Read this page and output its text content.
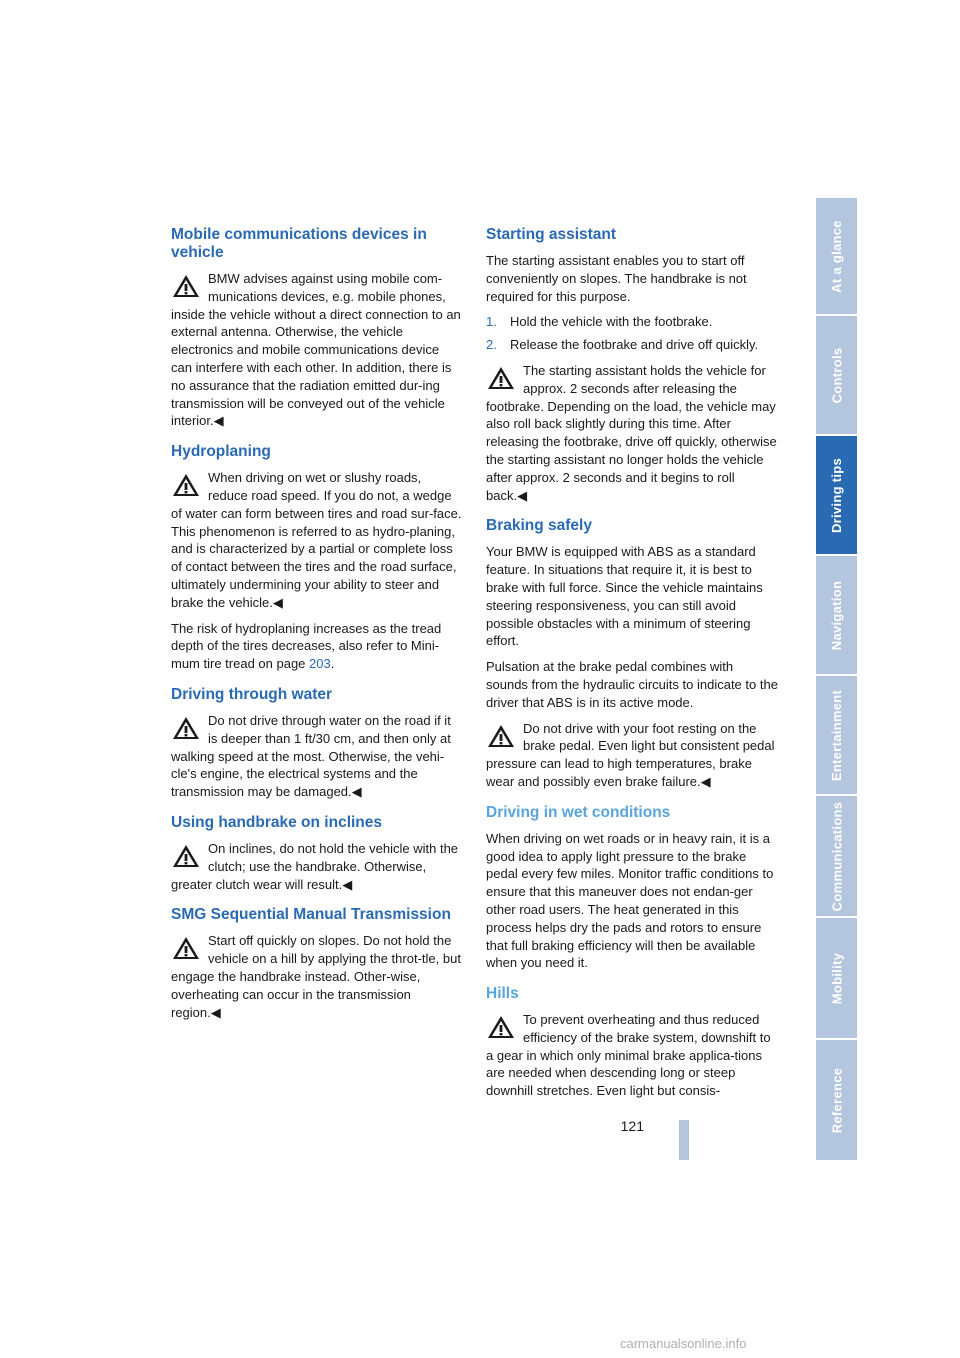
Mobile communications devices in vehicle
BMW advises against using mobile com-munications devices, e.g. mobile phones, inside the vehicle without a direct connection to an external antenna. Otherwise, the vehicle electronics and mobile communications device can interfere with each other. In addition, there is no assurance that the radiation emitted dur-ing transmission will be conveyed out of the vehicle interior.◀
Hydroplaning
When driving on wet or slushy roads, reduce road speed. If you do not, a wedge of water can form between tires and road sur-face. This phenomenon is referred to as hydro-planing, and is characterized by a partial or complete loss of contact between the tires and the road surface, ultimately undermining your ability to steer and brake the vehicle.◀

The risk of hydroplaning increases as the tread depth of the tires decreases, also refer to Mini-mum tire tread on page 203.

Driving through water
Do not drive through water on the road if it is deeper than 1 ft/30 cm, and then only at walking speed at the most. Otherwise, the vehi-cle's engine, the electrical systems and the transmission may be damaged.◀
Using handbrake on inclines
On inclines, do not hold the vehicle with the clutch; use the handbrake. Otherwise, greater clutch wear will result.◀
SMG Sequential Manual Transmission
Start off quickly on slopes. Do not hold the vehicle on a hill by applying the throt-tle, but engage the handbrake instead. Other-wise, overheating can occur in the transmission region.◀
Starting assistant

The starting assistant enables you to start off conveniently on slopes. The handbrake is not required for this purpose.

1. Hold the vehicle with the footbrake.
2. Release the footbrake and drive off quickly.
The starting assistant holds the vehicle for approx. 2 seconds after releasing the footbrake. Depending on the load, the vehicle may also roll back slightly during this time. After releasing the footbrake, drive off quickly, otherwise the starting assistant no longer holds the vehicle after approx. 2 seconds and it begins to roll back.◀
Braking safely

Your BMW is equipped with ABS as a standard feature. In situations that require it, it is best to brake with full force. Since the vehicle maintains steering responsiveness, you can still avoid possible obstacles with a minimum of steering effort.

Pulsation at the brake pedal combines with sounds from the hydraulic circuits to indicate to the driver that ABS is in its active mode.

Do not drive with your foot resting on the brake pedal. Even light but consistent pedal pressure can lead to high temperatures, brake wear and possibly even brake failure.◀
Driving in wet conditions

When driving on wet roads or in heavy rain, it is a good idea to apply light pressure to the brake pedal every few miles. Monitor traffic conditions to ensure that this maneuver does not endan-ger other road users. The heat generated in this process helps dry the pads and rotors to ensure that full braking efficiency will then be available when you need it.

Hills
To prevent overheating and thus reduced efficiency of the brake system, downshift to a gear in which only minimal brake applica-tions are needed when descending long or steep downhill stretches. Even light but consis-
At a glance
Controls
Driving tips
Navigation
Entertainment
Communications
Mobility
Reference
121
carmanualsonline.info
